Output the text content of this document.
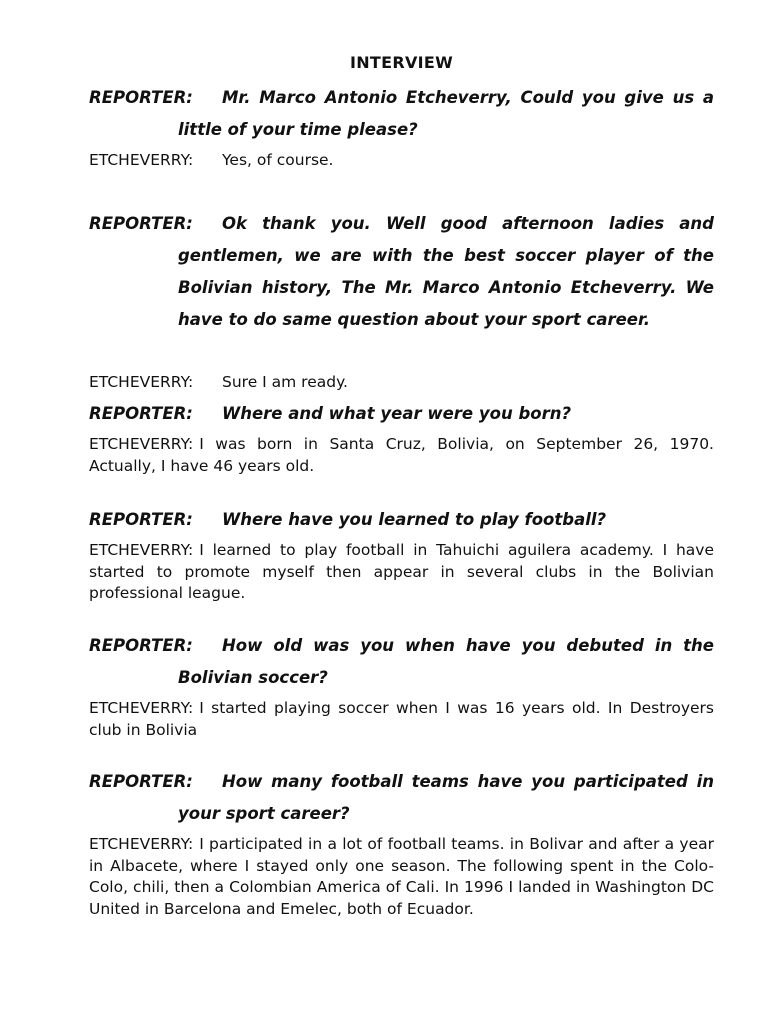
INTERVIEW
REPORTER:	Mr. Marco Antonio Etcheverry, Could you give us a little of your time please?
ETCHEVERRY: Yes, of course.
REPORTER:	Ok thank you. Well good afternoon ladies and gentlemen, we are with the best soccer player of the Bolivian history, The Mr. Marco Antonio Etcheverry. We have to do same question about your sport career.
ETCHEVERRY: Sure I am ready.
REPORTER:	Where and what year were you born?
ETCHEVERRY: I was born in Santa Cruz, Bolivia, on September 26, 1970. Actually, I have 46 years old.
REPORTER:	Where have you learned to play football?
ETCHEVERRY: I learned to play football in Tahuichi aguilera academy. I have started to promote myself then appear in several clubs in the Bolivian professional league.
REPORTER:	How old was you when have you debuted in the Bolivian soccer?
ETCHEVERRY: I started playing soccer when I was 16 years old. In Destroyers club in Bolivia
REPORTER:	How many football teams have you participated in your sport career?
ETCHEVERRY: I participated in a lot of football teams. in Bolivar and after a year in Albacete, where I stayed only one season. The following spent in the Colo-Colo, chili, then a Colombian America of Cali. In 1996 I landed in Washington DC United in Barcelona and Emelec, both of Ecuador.
